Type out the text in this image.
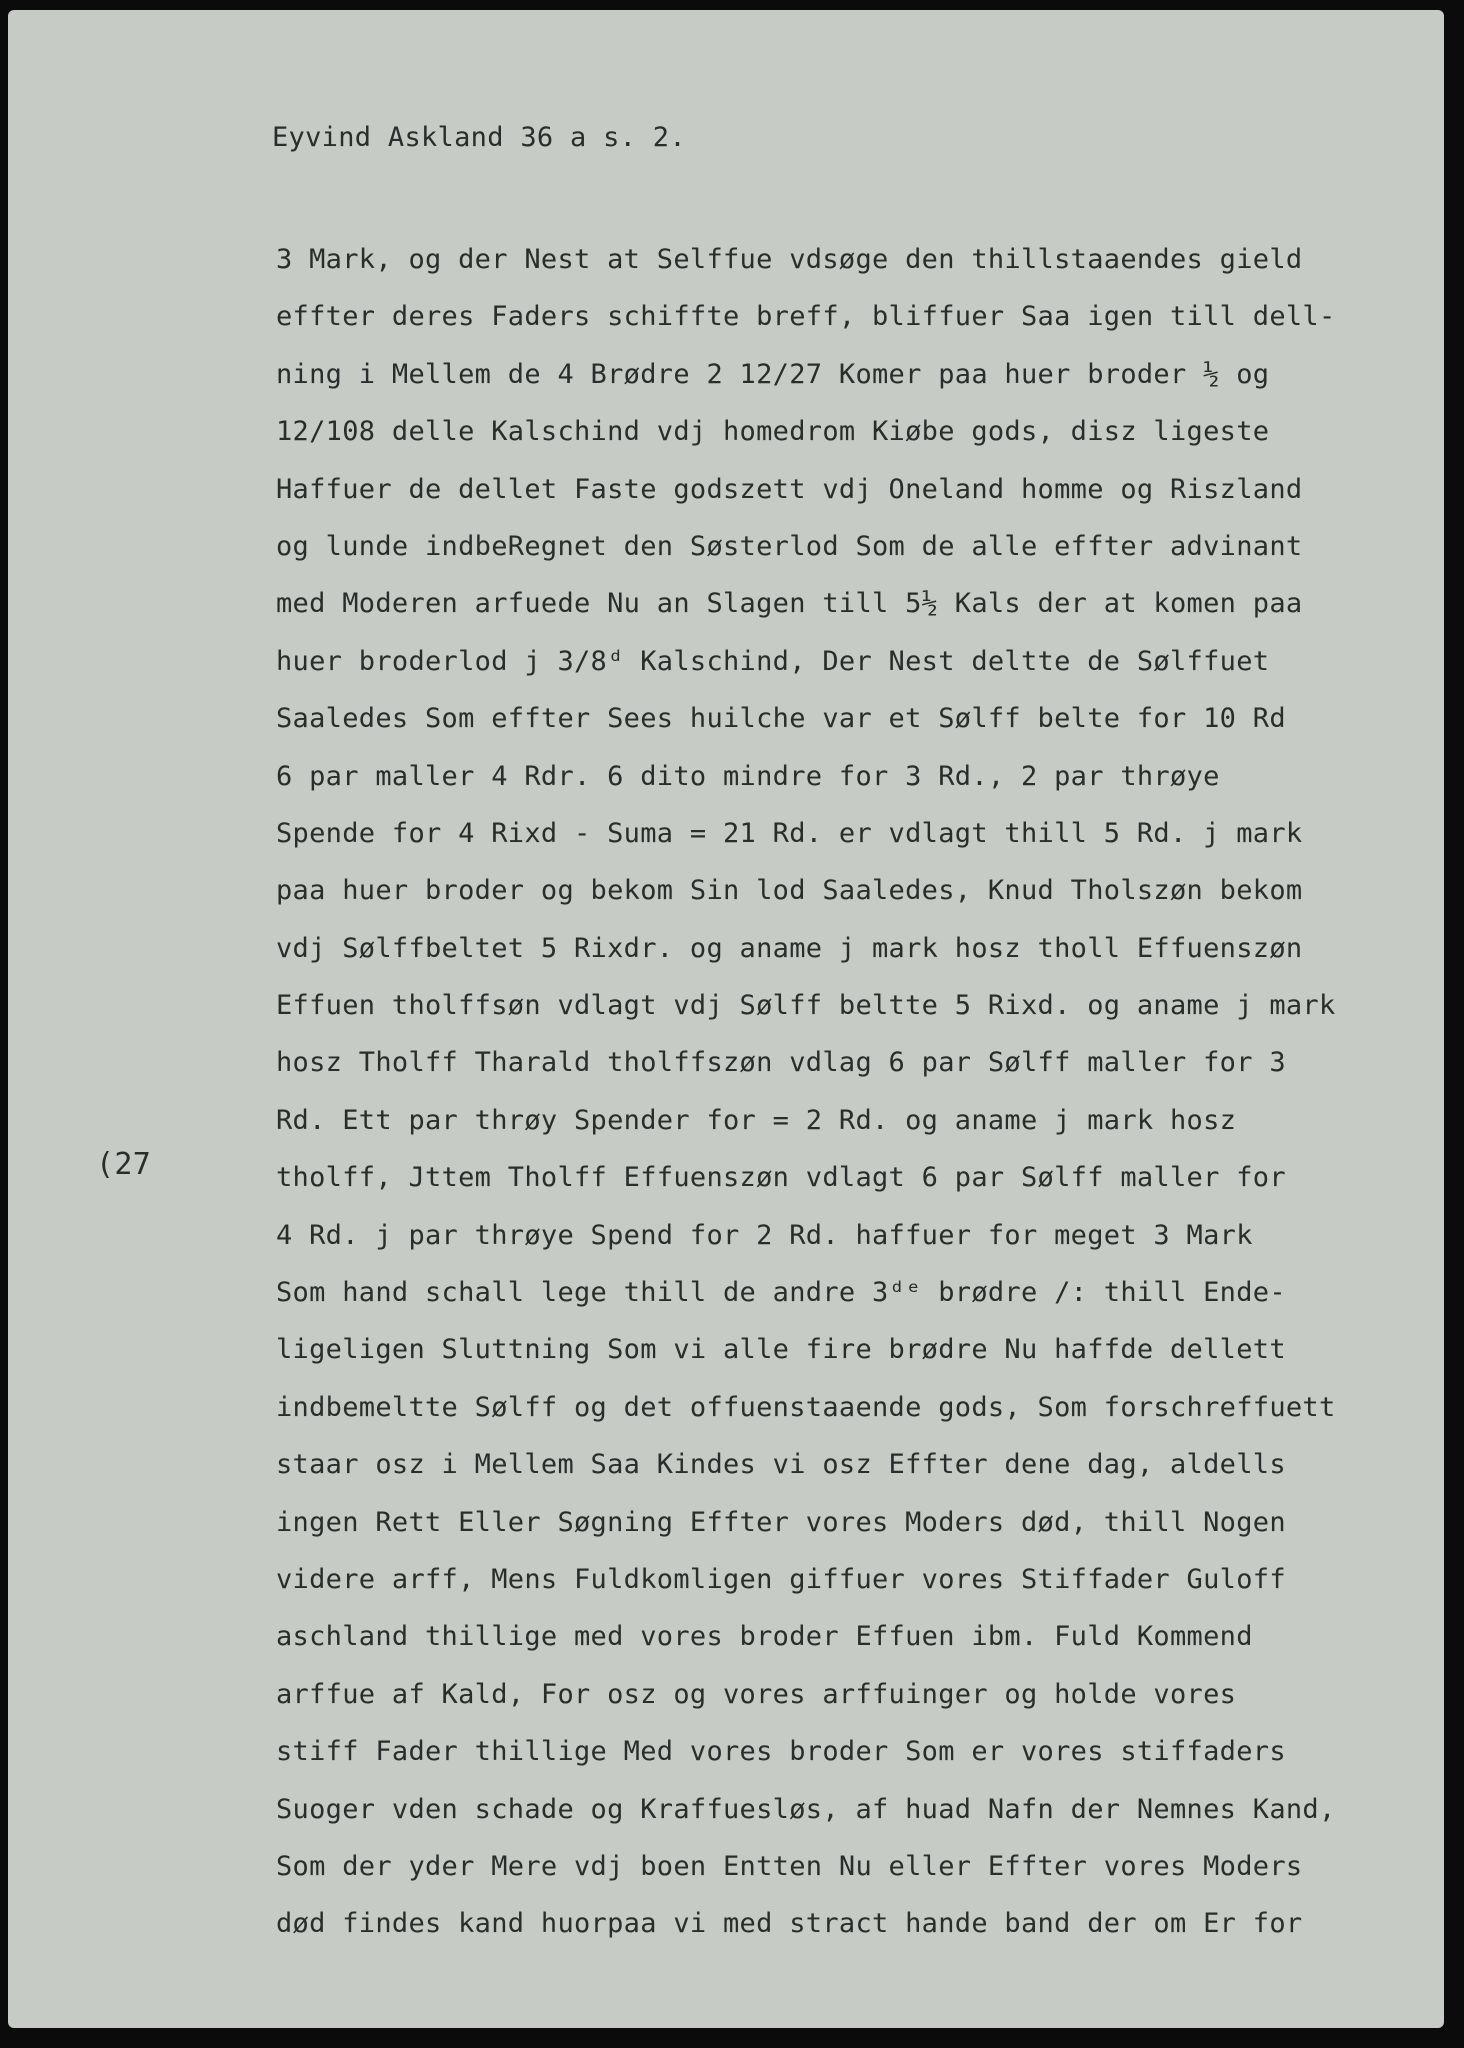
Eyvind Askland 36 a s. 2.
(27
3 Mark, og der Nest at Selffue vdsøge den thillstaaendes gield
effter deres Faders schiffte breff, bliffuer Saa igen till dell-
ning i Mellem de 4 Brødre 2 12/27 Komer paa huer broder ½ og
12/108 delle Kalschind vdj homedrom Kiøbe gods, disz ligeste
Haffuer de dellet Faste godszett vdj Oneland homme og Riszland
og lunde indbeRegnet den Søsterlod Som de alle effter advinant
med Moderen arfuede Nu an Slagen till 5½ Kals der at komen paa
huer broderlod j 3/8ᵈ Kalschind, Der Nest deltte de Sølffuet
Saaledes Som effter Sees huilche var et Sølff belte for 10 Rd
6 par maller 4 Rdr. 6 dito mindre for 3 Rd., 2 par thrøye
Spende for 4 Rixd - Suma = 21 Rd. er vdlagt thill 5 Rd. j mark
paa huer broder og bekom Sin lod Saaledes, Knud Tholszøn bekom
vdj Sølffbeltet 5 Rixdr. og aname j mark hosz tholl Effuenszøn
Effuen tholffsøn vdlagt vdj Sølff beltte 5 Rixd. og aname j mark
hosz Tholff Tharald tholffszøn vdlag 6 par Sølff maller for 3
Rd. Ett par thrøy Spender for = 2 Rd. og aname j mark hosz
tholff, Jttem Tholff Effuenszøn vdlagt 6 par Sølff maller for
4 Rd. j par thrøye Spend for 2 Rd. haffuer for meget 3 Mark
Som hand schall lege thill de andre 3ᵈᵉ brødre /: thill Ende-
ligeligen Sluttning Som vi alle fire brødre Nu haffde dellett
indbemeltte Sølff og det offuenstaaende gods, Som forschreffuett
staar osz i Mellem Saa Kindes vi osz Effter dene dag, aldells
ingen Rett Eller Søgning Effter vores Moders død, thill Nogen
videre arff, Mens Fuldkomligen giffuer vores Stiffader Guloff
aschland thillige med vores broder Effuen ibm. Fuld Kommend
arffue af Kald, For osz og vores arffuinger og holde vores
stiff Fader thillige Med vores broder Som er vores stiffaders
Suoger vden schade og Kraffuesløs, af huad Nafn der Nemnes Kand,
Som der yder Mere vdj boen Entten Nu eller Effter vores Moders
død findes kand huorpaa vi med stract hande band der om Er for
